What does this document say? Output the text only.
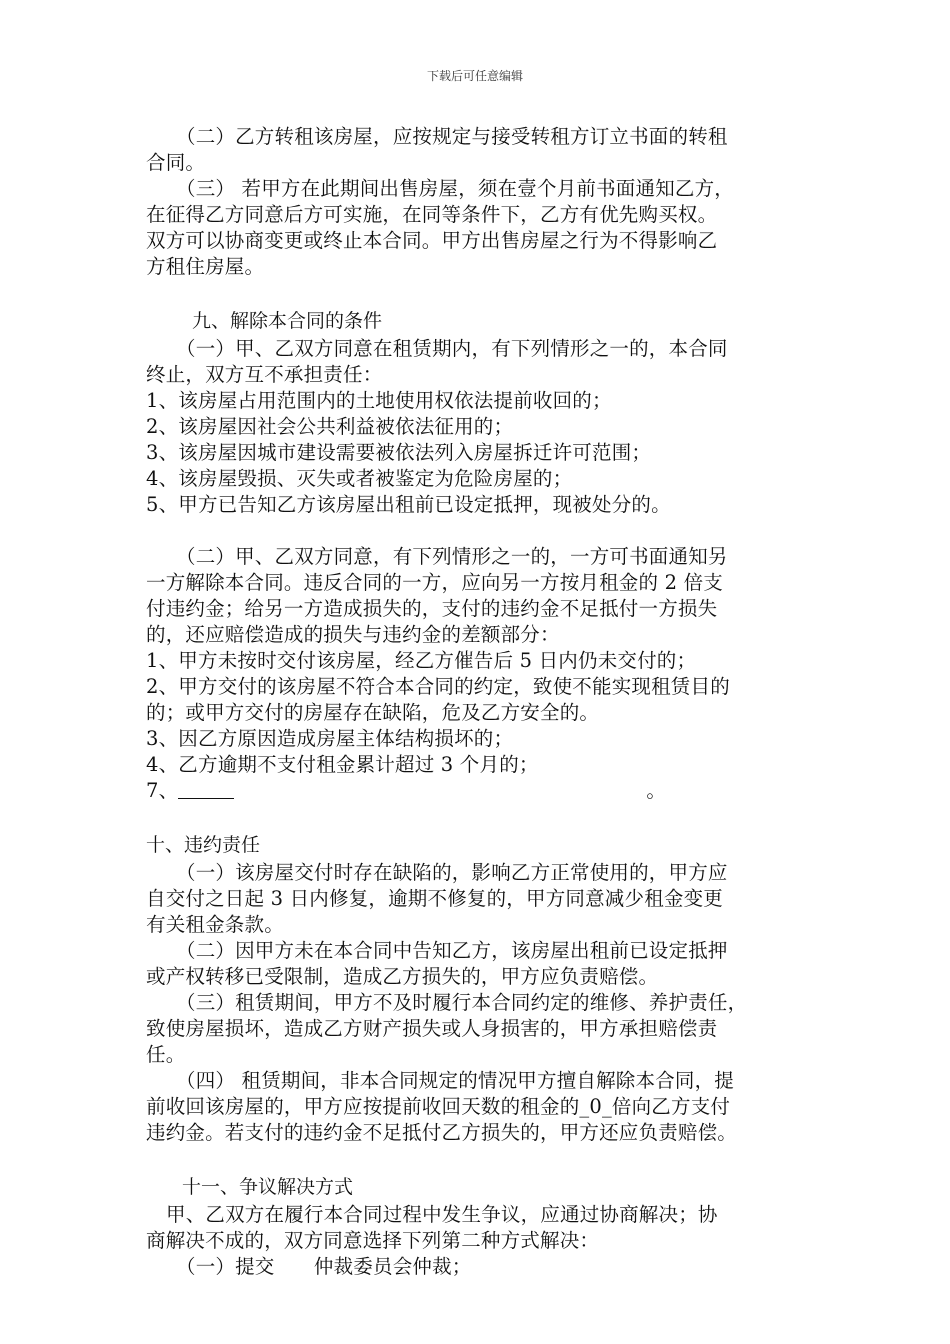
下载后可任意编辑
（二）乙方转租该房屋，应按规定与接受转租方订立书面的转租
合同。
（三） 若甲方在此期间出售房屋，须在壹个月前书面通知乙方，
在征得乙方同意后方可实施，在同等条件下，乙方有优先购买权。
双方可以协商变更或终止本合同。甲方出售房屋之行为不得影响乙
方租住房屋。
九、解除本合同的条件
（一）甲、乙双方同意在租赁期内，有下列情形之一的，本合同
终止，双方互不承担责任：
1、该房屋占用范围内的土地使用权依法提前收回的；
2、该房屋因社会公共利益被依法征用的；
3、该房屋因城市建设需要被依法列入房屋拆迁许可范围；
4、该房屋毁损、灭失或者被鉴定为危险房屋的；
5、甲方已告知乙方该房屋出租前已设定抵押，现被处分的。
（二）甲、乙双方同意，有下列情形之一的，一方可书面通知另
一方解除本合同。违反合同的一方，应向另一方按月租金的 2 倍支
付违约金；给另一方造成损失的，支付的违约金不足抵付一方损失
的，还应赔偿造成的损失与违约金的差额部分：
1、甲方未按时交付该房屋，经乙方催告后 5 日内仍未交付的；
2、甲方交付的该房屋不符合本合同的约定，致使不能实现租赁目的
的；或甲方交付的房屋存在缺陷，危及乙方安全的。
3、因乙方原因造成房屋主体结构损坏的；
4、乙方逾期不支付租金累计超过 3 个月的；
7、	。
十、违约责任
（一）该房屋交付时存在缺陷的，影响乙方正常使用的，甲方应
自交付之日起 3 日内修复，逾期不修复的，甲方同意减少租金变更
有关租金条款。
（二）因甲方未在本合同中告知乙方，该房屋出租前已设定抵押
或产权转移已受限制，造成乙方损失的，甲方应负责赔偿。
（三）租赁期间，甲方不及时履行本合同约定的维修、养护责任，
致使房屋损坏，造成乙方财产损失或人身损害的，甲方承担赔偿责
任。
（四） 租赁期间，非本合同规定的情况甲方擅自解除本合同，提
前收回该房屋的，甲方应按提前收回天数的租金的_0_倍向乙方支付
违约金。若支付的违约金不足抵付乙方损失的，甲方还应负责赔偿。
十一、争议解决方式
甲、乙双方在履行本合同过程中发生争议，应通过协商解决；协
商解决不成的，双方同意选择下列第二种方式解决：
（一）提交　　仲裁委员会仲裁；
